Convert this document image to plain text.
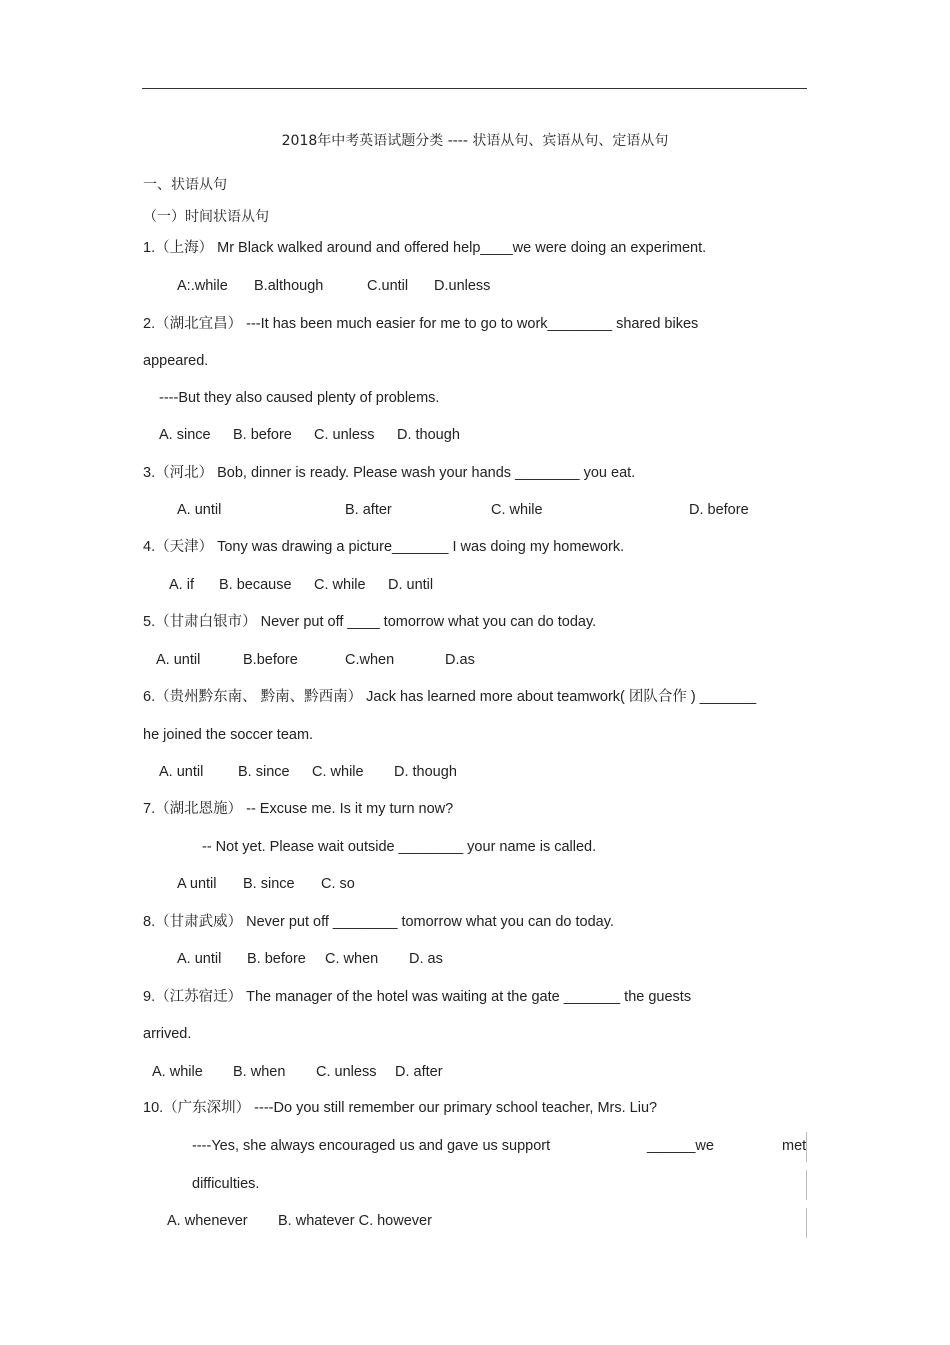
2018年中考英语试题分类 ---- 状语从句、宾语从句、定语从句
一、状语从句
（一）时间状语从句
1.（上海） Mr Black walked around and offered help____we were doing an experiment.
A:.while B.although	C.until D.unless
2.（湖北宜昌） ---It has been much easier for me to go to work________ shared bikes
appeared.
----But they also caused plenty of problems.
A. since B. before C. unless D. though
3.（河北） Bob, dinner is ready. Please wash your hands ________ you eat.
A. until	B. after	C. while	D. before
4.（天津） Tony was drawing a picture_______ I was doing my homework.
A. if B. because C. while D. until
5.（甘肃白银市） Never put off ____ tomorrow what you can do today.
A. until	B.before	C.when	D.as
6.（贵州黔东南、 黔南、黔西南） Jack has learned more about teamwork( 团队合作 ) _______
he joined the soccer team.
A. until B. since C. while D. though
7.（湖北恩施） -- Excuse me. Is it my turn now?
-- Not yet. Please wait outside ________ your name is called.
A until B. since C. so
8.（甘肃武威） Never put off ________ tomorrow what you can do today.
A. until B. before C. when D. as
9.（江苏宿迁） The manager of the hotel was waiting at the gate _______ the guests
arrived.
A. while B. when C. unless D. after
10.（广东深圳） ----Do you still remember our primary school teacher, Mrs. Liu?
----Yes, she always encouraged us and gave us support	______we	met
difficulties.
A. whenever B. whatever C. however
